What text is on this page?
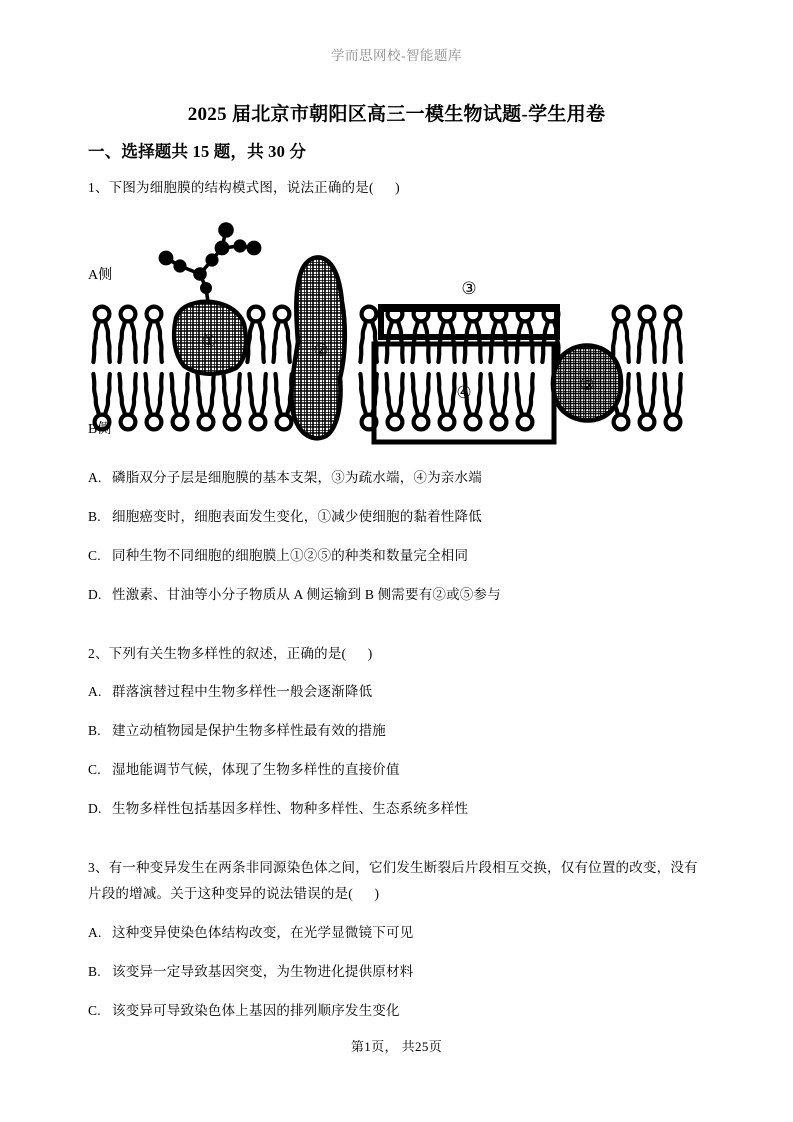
学而思网校-智能题库
2025 届北京市朝阳区高三一模生物试题-学生用卷
一、选择题共 15 题，共 30 分
1、下图为细胞膜的结构模式图，说法正确的是(      )
①	②
③
④	⑤
A侧
B侧
A. 磷脂双分子层是细胞膜的基本支架，③为疏水端，④为亲水端
B. 细胞癌变时，细胞表面发生变化，①减少使细胞的黏着性降低
C. 同种生物不同细胞的细胞膜上①②⑤的种类和数量完全相同
D. 性激素、甘油等小分子物质从 A 侧运输到 B 侧需要有②或⑤参与
2、下列有关生物多样性的叙述，正确的是(      )
A. 群落演替过程中生物多样性一般会逐渐降低
B. 建立动植物园是保护生物多样性最有效的措施
C. 湿地能调节气候，体现了生物多样性的直接价值
D. 生物多样性包括基因多样性、物种多样性、生态系统多样性
3、有一种变异发生在两条非同源染色体之间，它们发生断裂后片段相互交换，仅有位置的改变，没有片段的增减。关于这种变异的说法错误的是(      )
A. 这种变异使染色体结构改变，在光学显微镜下可见
B. 该变异一定导致基因突变，为生物进化提供原材料
C. 该变异可导致染色体上基因的排列顺序发生变化
第1页， 共25页
